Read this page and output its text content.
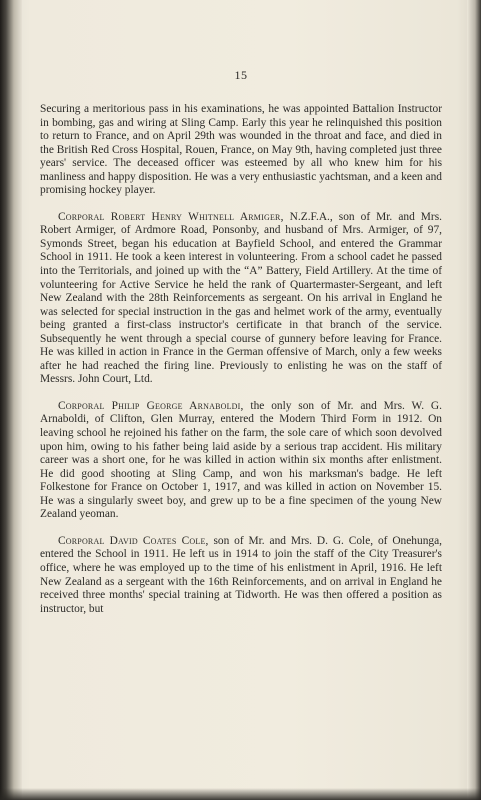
15

Securing a meritorious pass in his examinations, he was appointed Battalion Instructor in bombing, gas and wiring at Sling Camp. Early this year he relinquished this position to return to France, and on April 29th was wounded in the throat and face, and died in the British Red Cross Hospital, Rouen, France, on May 9th, having completed just three years' service. The deceased officer was esteemed by all who knew him for his manliness and happy disposition. He was a very enthusiastic yachtsman, and a keen and promising hockey player.

Corporal Robert Henry Whitnell Armiger, N.Z.F.A., son of Mr. and Mrs. Robert Armiger, of Ardmore Road, Ponsonby, and husband of Mrs. Armiger, of 97, Symonds Street, began his education at Bayfield School, and entered the Grammar School in 1911. He took a keen interest in volunteering. From a school cadet he passed into the Territorials, and joined up with the “A” Battery, Field Artillery. At the time of volunteering for Active Service he held the rank of Quartermaster-Sergeant, and left New Zealand with the 28th Reinforcements as sergeant. On his arrival in England he was selected for special instruction in the gas and helmet work of the army, eventually being granted a first-class instructor's certificate in that branch of the service. Subsequently he went through a special course of gunnery before leaving for France. He was killed in action in France in the German offensive of March, only a few weeks after he had reached the firing line. Previously to enlisting he was on the staff of Messrs. John Court, Ltd.

Corporal Philip George Arnaboldi, the only son of Mr. and Mrs. W. G. Arnaboldi, of Clifton, Glen Murray, entered the Modern Third Form in 1912. On leaving school he rejoined his father on the farm, the sole care of which soon devolved upon him, owing to his father being laid aside by a serious trap accident. His military career was a short one, for he was killed in action within six months after enlistment. He did good shooting at Sling Camp, and won his marksman's badge. He left Folkestone for France on October 1, 1917, and was killed in action on November 15. He was a singularly sweet boy, and grew up to be a fine specimen of the young New Zealand yeoman.

Corporal David Coates Cole, son of Mr. and Mrs. D. G. Cole, of Onehunga, entered the School in 1911. He left us in 1914 to join the staff of the City Treasurer's office, where he was employed up to the time of his enlistment in April, 1916. He left New Zealand as a sergeant with the 16th Reinforcements, and on arrival in England he received three months' special training at Tidworth. He was then offered a position as instructor, but
